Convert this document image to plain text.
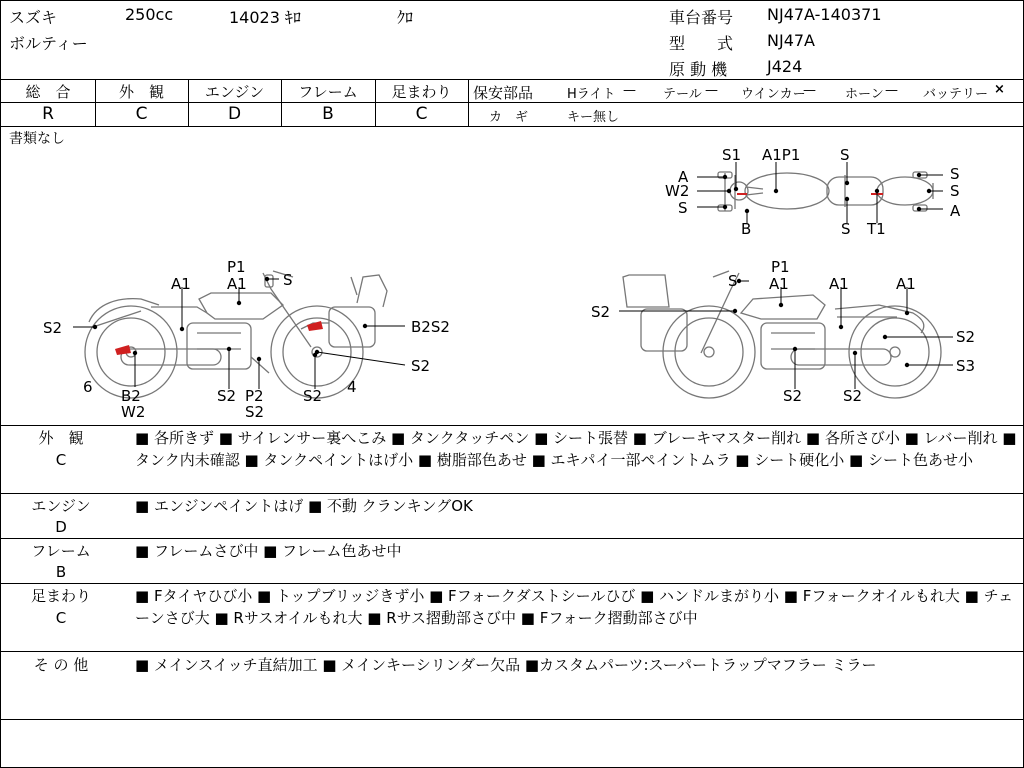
スズキ	250cc	14023 ｷﾛ	ｸﾛ
ボルティー
車台番号 NJ47A-140371
型　　式 NJ47A
原 動 機 J424
総　合	外　観	エンジン	フレーム	足まわり
R	C	D	B	C
保安部品	Hライト — テール — ウインカー
— ホーン — バッテリー ×
カ　ギ	キー無し
書類なし
S1 A1P1	S
A
W2
S
B	S T1
S
S
A
P1
A1 A1 S
S2	B2S2
S2
6 B2
W2
S2 P2
S2
S2 4
S
P1
A1	A1	A1
S2
S2
S3
S2	S2
外　観
C
■ 各所きず ■ サイレンサー裏へこみ ■ タンクタッチペン ■ シート張替 ■ ブレーキマスター削れ ■ 各所さび小 ■ レバー削れ ■ タンク内未確認 ■ タンクペイントはげ小 ■ 樹脂部色あせ ■ エキパイ一部ペイントムラ ■ シート硬化小 ■ シート色あせ小
エンジン
D
■ エンジンペイントはげ ■ 不動 クランキングOK
フレーム
B
■ フレームさび中 ■ フレーム色あせ中
足まわり
C
■ Fタイヤひび小 ■ トップブリッジきず小 ■ Fフォークダストシールひび ■ ハンドルまがり小 ■ Fフォークオイルもれ大 ■ チェーンさび大 ■ Rサスオイルもれ大 ■ Rサス摺動部さび中 ■ Fフォーク摺動部さび中
そ の 他	■ メインスイッチ直結加工 ■ メインキーシリンダー欠品 ■カスタムパーツ:スーパートラップマフラー ミラー
